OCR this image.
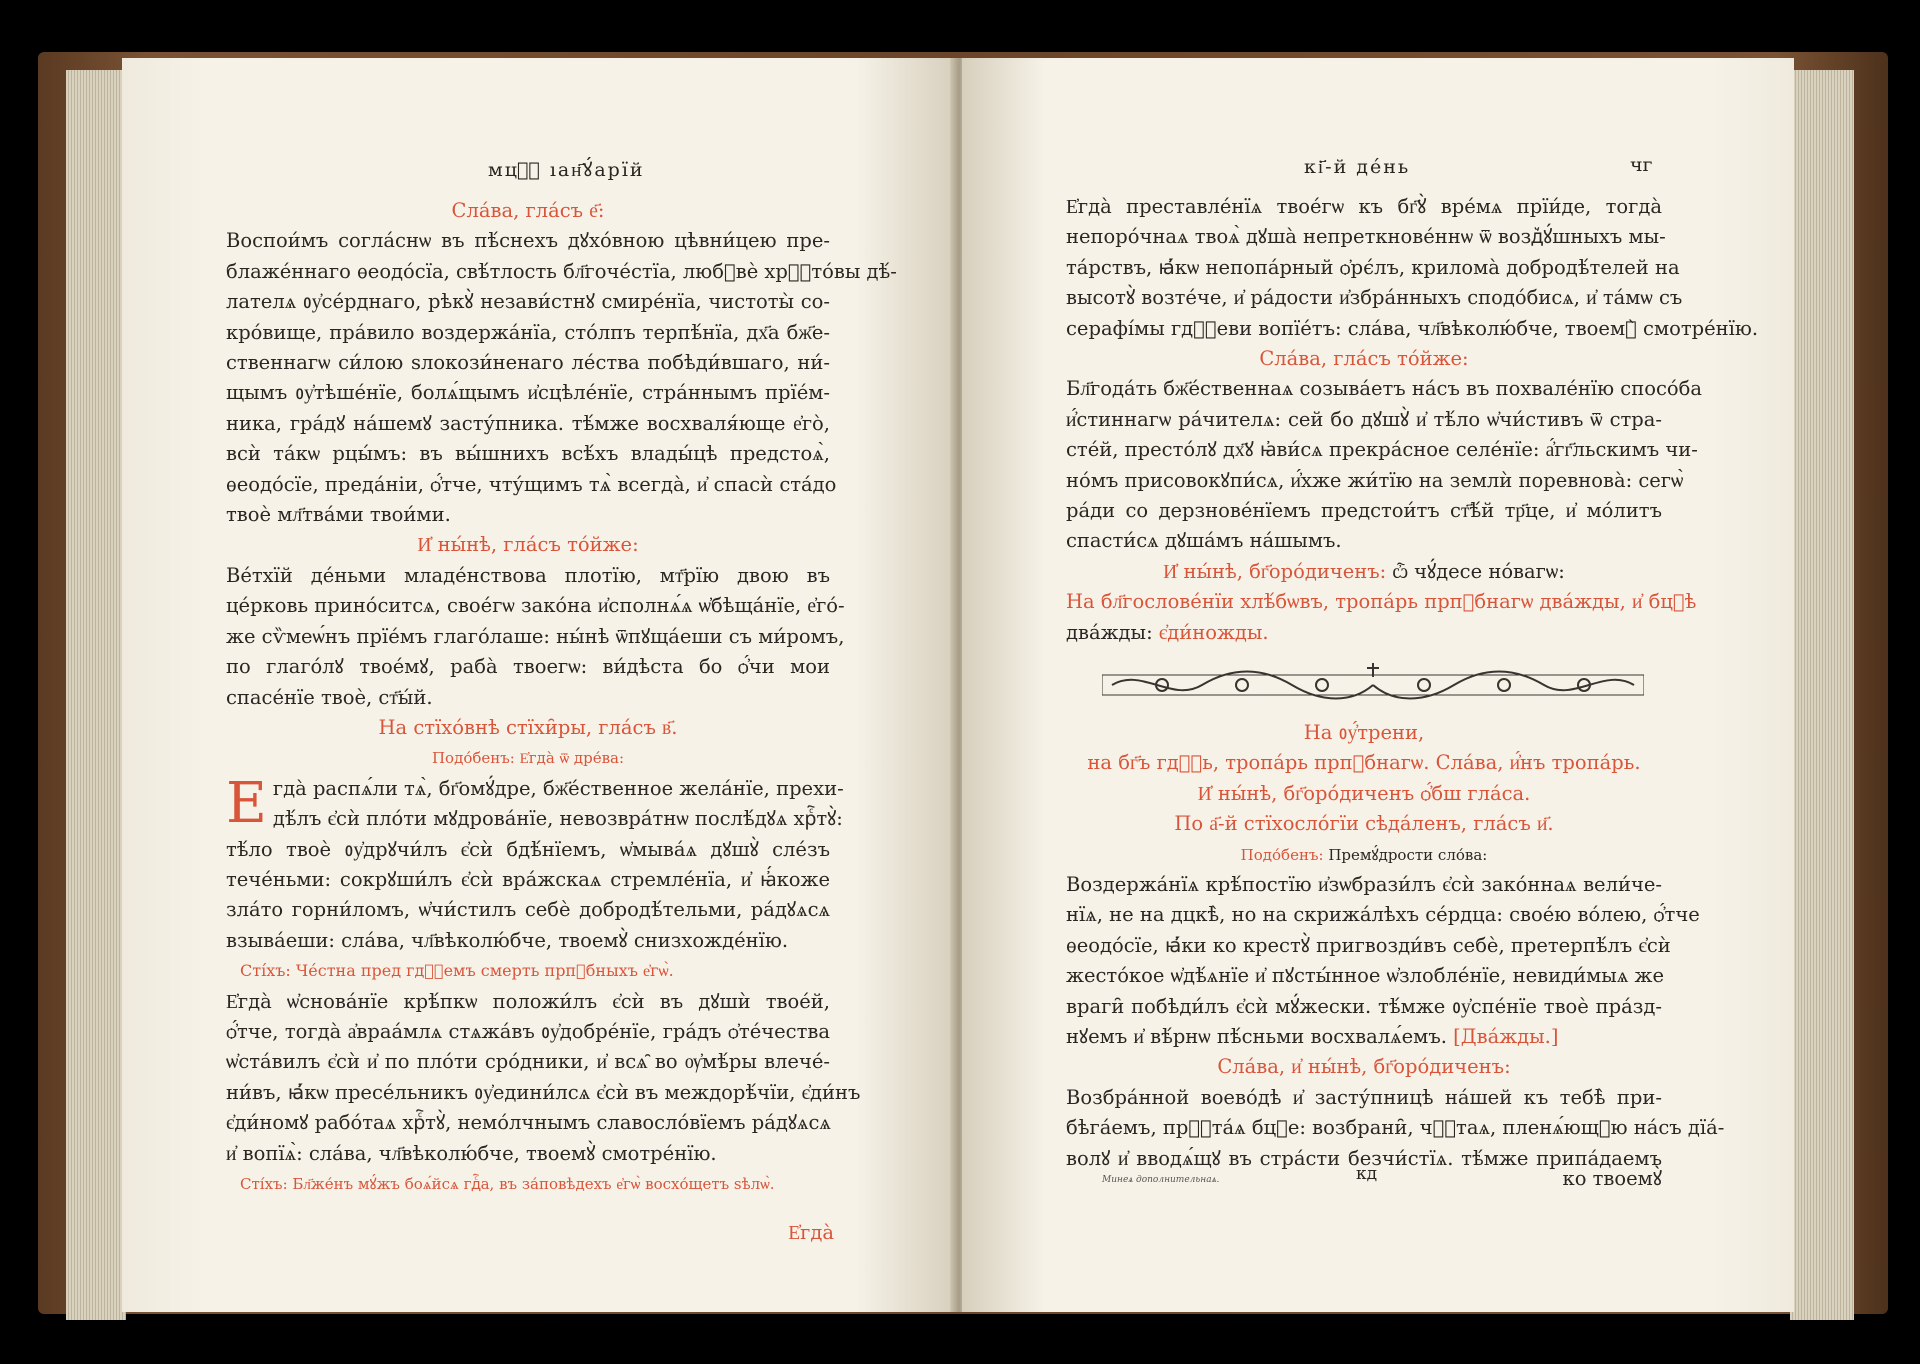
мцⷭ҇ ıан҃ꙋ́арїй
Сла́ва, гла́съ е҃:
Воспои́мъ согла́снѡ въ пѣ́снехъ дꙋхо́вною цѣвни́цею пре-
блаже́ннаго ѳеодо́сїа, свѣ́тлость бл҃гоче́стїа, люб꙽вѐ хрⷭ҇то́вы дѣ́-
лателѧ ᲂу҆се́рднаго, рѣкꙋ̀ незави́стнꙋ смире́нїа, чистоты̀ со-
кро́вище, пра́вило воздержа́нїа, сто́лпъ терпѣ́нїа, дх҃а бж҃е-
ственнагѡ си́лою ѕлокози́ненаго ле́ства побѣди́вшаго, ни́-
щымъ ᲂу҆тѣше́нїе, болѧ́щымъ и҆сцѣле́нїе, стра́ннымъ прїе́м-
ника, гра́дꙋ на́шемꙋ засту́пника. тѣ́мже восхваля́юще е҆го̀,
всѝ та́кѡ рцы́мъ: въ вы́шнихъ всѣ́хъ влады́цѣ предстоѧ̀,
ѳеодо́сїе, преда́ніи, ѻ҆́тче, чту́щимъ тѧ̀ всегда̀, и҆ спасѝ ста́до
твоѐ мл҃тва́ми твои́ми.
И҆ ны́нѣ, гла́съ то́йже:
Ве́тхїй де́ньми младе́нствова плотїю, мт҃рїю двою въ
це́рковь прино́ситсѧ, свое́гѡ зако́на и҆сполнѧ́ѧ ѡ҆бѣща́нїе, е҆го́-
же сѷмеѡ́нъ прїе́мъ глаго́лаше: ны́нѣ ѿпꙋща́еши съ ми́ромъ,
по глаго́лꙋ твое́мꙋ, раба̀ твоегѡ: ви́дѣста бо ѻ҆́чи мои
спасе́нїе твоѐ, ст҃ы́й.
На стїхо́внѣ стїхи̑ры, гла́съ в҃.
Подо́бенъ: Е҆гда̀ ѿ дре́ва:
Е гда̀ распѧ́ли тѧ̀, бг҃омꙋ́дре, бж҃е́ственное жела́нїе, прехи-
дѣ́лъ є҆сѝ пло́ти мꙋдрова́нїе, невозвра́тнѡ послѣ́дꙋѧ хрⷭ҇тꙋ̀:
тѣ́ло твоѐ ᲂу҆дрꙋчи́лъ є҆сѝ бдѣ́нїемъ, ѡ҆мыва́ѧ дꙋшꙋ̀ сле́зъ
тече́ньми: сокрꙋши́лъ є҆сѝ вра́жскаѧ стремле́нїа, и҆ ꙗ҆́коже
зла́то горни́ломъ, ѡ҆чи́стилъ себѐ добродѣ́тельми, ра́дꙋѧсѧ
взыва́еши: сла́ва, чл҃вѣколю́бче, твоемꙋ̀ снизхожде́нїю.
Сті́хъ: Че́стна пред гдⷭ҇емъ смерть прпⷣбныхъ е҆гѡ̀.
Е҆гда̀ ѡ҆снова́нїе крѣ́пкѡ положи́лъ є҆сѝ въ дꙋшѝ твое́й,
ѻ҆́тче, тогда̀ а҆враа́млѧ стѧжа́въ ᲂу҆добре́нїе, гра́дъ ѻ҆те́чества
ѡ҆ста́вилъ є҆сѝ и҆ по пло́ти сро́дники, и҆ всѧ̑ во ѹ҆мѣ́ры влече́-
ни́въ, ꙗ҆́кѡ пресе́льникъ ᲂу҆едини́лсѧ є҆сѝ въ междорѣ́чїи, є҆ди́нъ
є҆ди́номꙋ рабо́таѧ хрⷭ҇тꙋ̀, немо́лчнымъ славосло́вїемъ ра́дꙋѧсѧ
и҆ вопїѧ̀: сла́ва, чл҃вѣколю́бче, твоемꙋ̀ смотре́нїю.
Сті́хъ: Бл҃же́нъ мꙋ́жъ боѧ́йсѧ гдⷭ҇а, въ за́повѣдехъ е҆гѡ̀ восхо́щетъ ѕѣлѡ̀.
Е҆гда̀
кі҃-й де́нь	чг
Е҆гда̀ преставле́нїѧ твое́гѡ къ бг҃ꙋ̀ вре́мѧ прїи́де, тогда̀
непоро́чнаѧ твоѧ̀ дꙋша̀ непреткнове́ннѡ ѿ возд꙽ꙋ́шныхъ мы-
та́рствъ, ꙗ҆́кѡ непопа́рный ѻ҆рє́лъ, крилома̀ добродѣ́телей на
высотꙋ̀ возте́че, и҆ ра́дости и҆збра́нныхъ сподо́бисѧ, и҆ та́мѡ съ
серафі́мы гдⷭ҇еви вопїе́тъ: сла́ва, чл҃вѣколю́бче, твоемꙋ̀ смотре́нїю.
Сла́ва, гла́съ то́йже:
Бл҃года́ть бж҃е́ственнаѧ созыва́етъ на́съ въ похвале́нїю спосо́ба
и҆́стиннагѡ ра́чителѧ: сей бо дꙋшꙋ̀ и҆ тѣ́ло ѡ҆чи́стивъ ѿ стра-
сте́й, престо́лꙋ дх҃ꙋ ꙗ҆ви́сѧ прекра́сное селе́нїе: а҆́гг҃льскимъ чи-
но́мъ присовокꙋпи́сѧ, и҆́хже жи́тїю на землѝ поревнова̀: сегѡ̀
ра́ди со дерзнове́нїемъ предстои́тъ ст҃ѣ́й тр҃це, и҆ мо́литъ
спасти́сѧ дꙋша́мъ на́шымъ.
И҆ ны́нѣ, бг҃оро́диченъ: ѽ чꙋ́десе но́вагѡ:
На бл҃гослове́нїи хлѣ́бѡвъ, тропа́рь прпⷣбнагѡ два́жды, и҆ бцⷣѣ
два́жды: є҆ди́ножды.
На ᲂу҆́трени,
на бг҃ъ гдⷭ҇ь, тропа́рь прпⷣбнагѡ. Сла́ва, и҆́нъ тропа́рь.
И҆ ны́нѣ, бг҃оро́диченъ ѻ҆́бш гла́са.
По а҃-й стїхосло́гїи сѣда́ленъ, гла́съ и҃.
Подо́бенъ: Премꙋ́дрости сло́ва:
Воздержа́нїѧ крѣ́постїю и҆зѡбрази́лъ є҆сѝ зако́ннаѧ вели́че-
нїѧ, не на дцкѣ̀, но на скрижа́лѣхъ се́рдца: свое́ю во́лею, ѻ҆́тче
ѳеодо́сїе, ꙗ҆́ки ко крестꙋ̀ пригвозди́въ себѐ, претерпѣ́лъ є҆сѝ
жесто́кое ѡ҆дѣ́ѧнїе и҆ пꙋсты́нное ѡ҆злобле́нїе, невиди́мыѧ же
враги̑ побѣди́лъ є҆сѝ мꙋ́жески. тѣ́мже ᲂу҆спе́нїе твоѐ пра́зд-
нꙋемъ и҆ вѣ́рнѡ пѣ́сньми восхвалѧ́емъ. [Два́жды.]
Сла́ва, и҆ ны́нѣ, бг҃оро́диченъ:
Возбра́нной воево́дѣ и҆ засту́пницѣ на́шей къ тебѣ̀ при-
бѣга́емъ, прⷭ҇та́ѧ бцⷣе: возбрани̑, чⷭ҇таѧ, пленѧ́ющꙋю на́съ дїа́-
волꙋ и҆ вводѧ́щꙋ въ стра́сти безчи́стїѧ. тѣ́мже припа́даемъ
Минеѧ дополнительнаѧ.	кд	ко твоемꙋ̀
